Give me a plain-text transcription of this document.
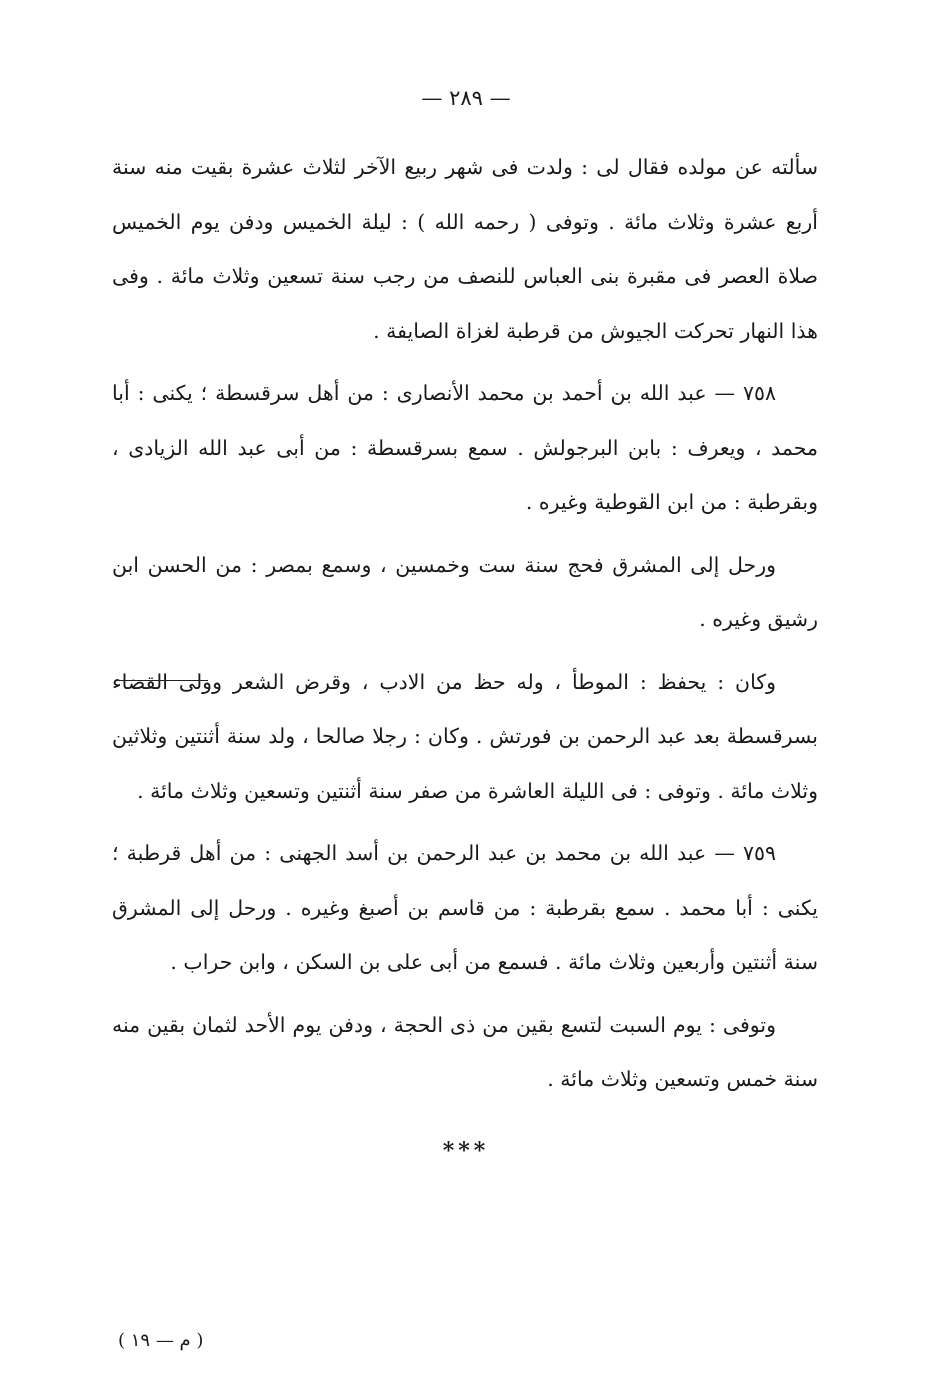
— ٢٨٩ —

سألته عن مولده فقال لى : ولدت فى شهر ربيع الآخر لثلاث عشرة بقيت منه سنة أربع عشرة وثلاث مائة . وتوفى ( رحمه الله ) : ليلة الخميس ودفن يوم الخميس صلاة العصر فى مقبرة بنى العباس للنصف من رجب سنة تسعين وثلاث مائة . وفى هذا النهار تحركت الجيوش من قرطبة لغزاة الصايفة .

٧٥٨ — عبد الله بن أحمد بن محمد الأنصارى : من أهل سرقسطة ؛ يكنى : أبا محمد ، ويعرف : بابن البرجولش . سمع بسرقسطة : من أبى عبد الله الزيادى ، وبقرطبة : من ابن القوطية وغيره .

ورحل إلى المشرق فحج سنة ست وخمسين ، وسمع بمصر : من الحسن ابن رشيق وغيره .

وكان : يحفظ : الموطأ ، وله حظ من الادب ، وقرض الشعر وولى القضاء بسرقسطة بعد عبد الرحمن بن فورتش . وكان : رجلا صالحا ، ولد سنة أثنتين وثلاثين وثلاث مائة . وتوفى : فى الليلة العاشرة من صفر سنة أثنتين وتسعين وثلاث مائة .

٧٥٩ — عبد الله بن محمد بن عبد الرحمن بن أسد الجهنى : من أهل قرطبة ؛ يكنى : أبا محمد . سمع بقرطبة : من قاسم بن أصبغ وغيره . ورحل إلى المشرق سنة أثنتين وأربعين وثلاث مائة . فسمع من أبى على بن السكن ، وابن حراب .

وتوفى : يوم السبت لتسع بقين من ذى الحجة ، ودفن يوم الأحد لثمان بقين منه سنة خمس وتسعين وثلاث مائة .

***
( م — ١٩ )
